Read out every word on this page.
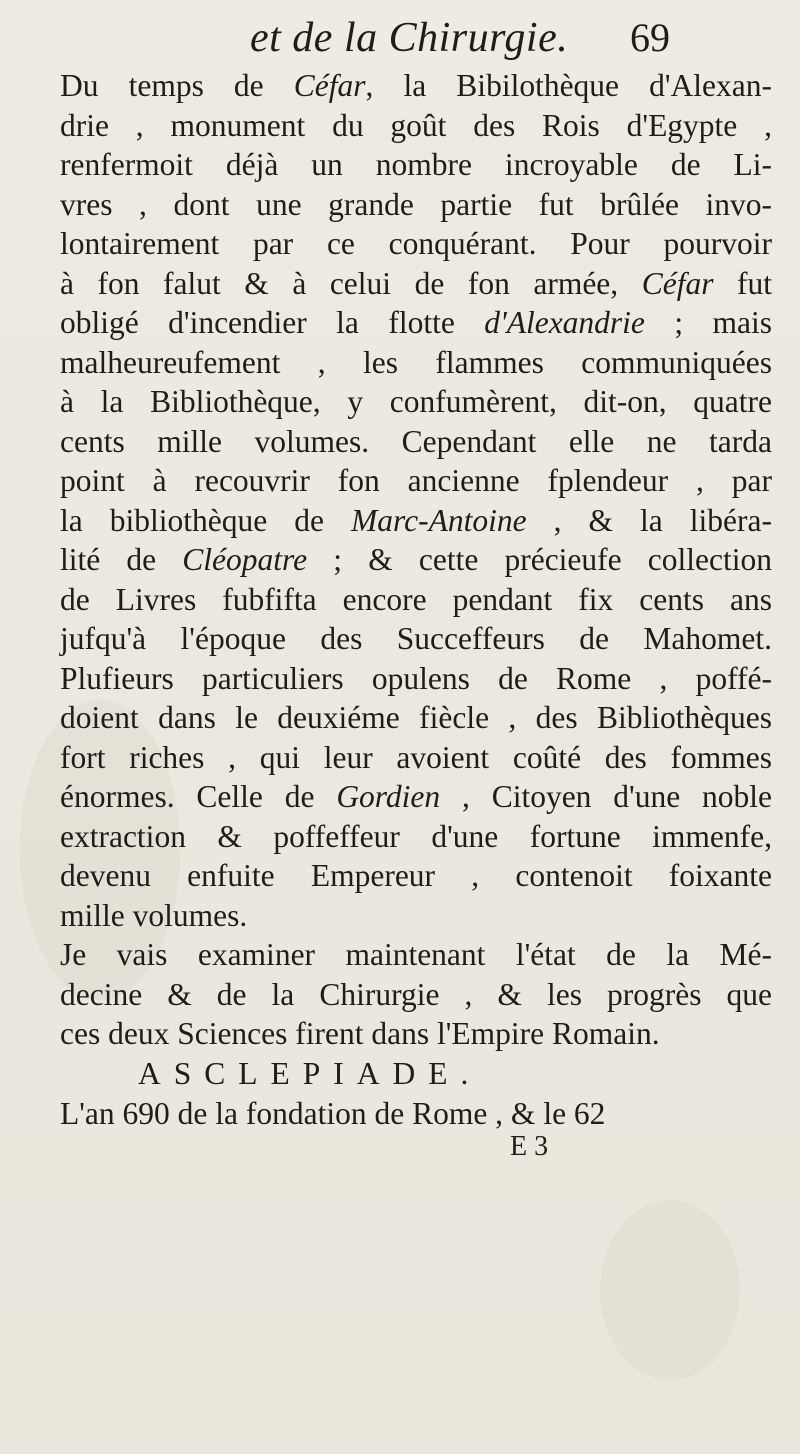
et de la Chirurgie. 69
Du temps de Céfar, la Bibilothèque d'Alexan-
drie , monument du goût des Rois d'Egypte ,
renfermoit déjà un nombre incroyable de Li-
vres , dont une grande partie fut brûlée invo-
lontairement par ce conquérant. Pour pourvoir
à fon falut & à celui de fon armée, Céfar fut
obligé d'incendier la flotte d'Alexandrie ; mais
malheureufement , les flammes communiquées
à la Bibliothèque, y confumèrent, dit-on, quatre
cents mille volumes. Cependant elle ne tarda
point à recouvrir fon ancienne fplendeur , par
la bibliothèque de Marc-Antoine , & la libéra-
lité de Cléopatre ; & cette précieufe collection
de Livres fubfifta encore pendant fix cents ans
jufqu'à l'époque des Succeffeurs de Mahomet.
Plufieurs particuliers opulens de Rome , poffé-
doient dans le deuxiéme fiècle , des Bibliothèques
fort riches , qui leur avoient coûté des fommes
énormes. Celle de Gordien , Citoyen d'une noble
extraction & poffeffeur d'une fortune immenfe,
devenu enfuite Empereur , contenoit foixante
mille volumes.
Je vais examiner maintenant l'état de la Mé-
decine & de la Chirurgie , & les progrès que
ces deux Sciences firent dans l'Empire Romain.
ASCLEPIADE.
L'an 690 de la fondation de Rome , & le 62
E 3
